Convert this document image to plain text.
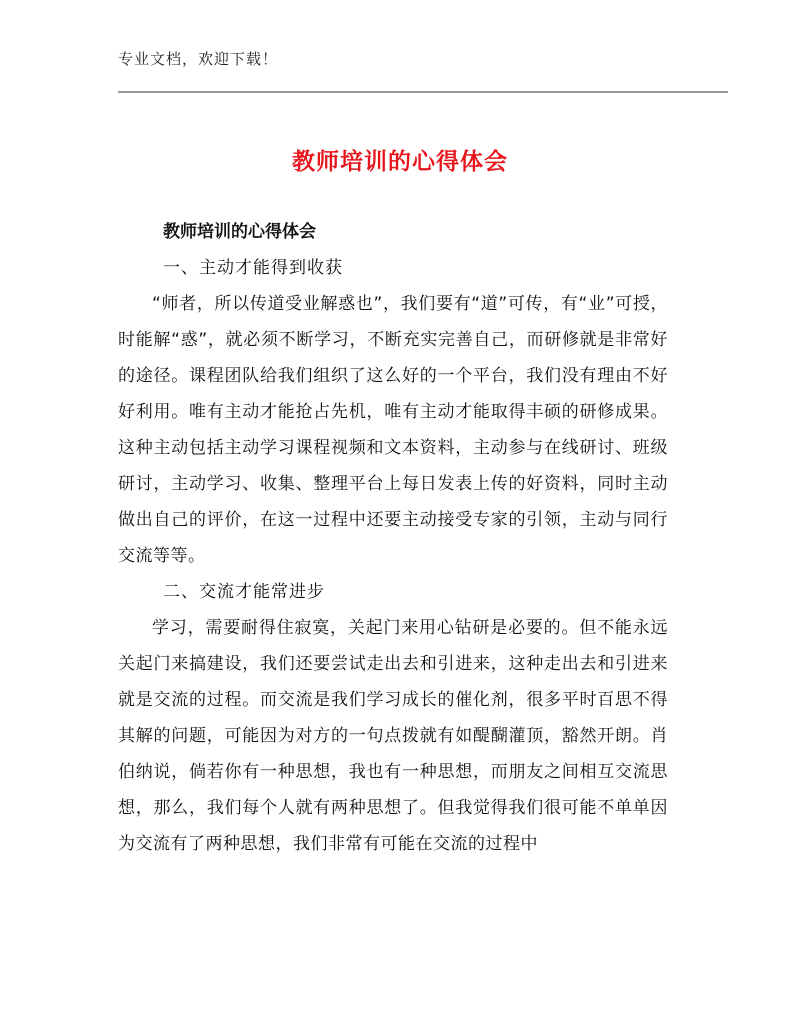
专业文档，欢迎下载！
教师培训的心得体会

教师培训的心得体会

一、主动才能得到收获

“师者，所以传道受业解惑也”，我们要有“道”可传，有“业”可授，时能解“惑”，就必须不断学习，不断充实完善自己，而研修就是非常好的途径。课程团队给我们组织了这么好的一个平台，我们没有理由不好好利用。唯有主动才能抢占先机，唯有主动才能取得丰硕的研修成果。这种主动包括主动学习课程视频和文本资料，主动参与在线研讨、班级研讨，主动学习、收集、整理平台上每日发表上传的好资料，同时主动做出自己的评价，在这一过程中还要主动接受专家的引领，主动与同行交流等等。

二、交流才能常进步

学习，需要耐得住寂寞，关起门来用心钻研是必要的。但不能永远关起门来搞建设，我们还要尝试走出去和引进来，这种走出去和引进来就是交流的过程。而交流是我们学习成长的催化剂，很多平时百思不得其解的问题，可能因为对方的一句点拨就有如醍醐灌顶，豁然开朗。肖伯纳说，倘若你有一种思想，我也有一种思想，而朋友之间相互交流思想，那么，我们每个人就有两种思想了。但我觉得我们很可能不单单因为交流有了两种思想，我们非常有可能在交流的过程中
